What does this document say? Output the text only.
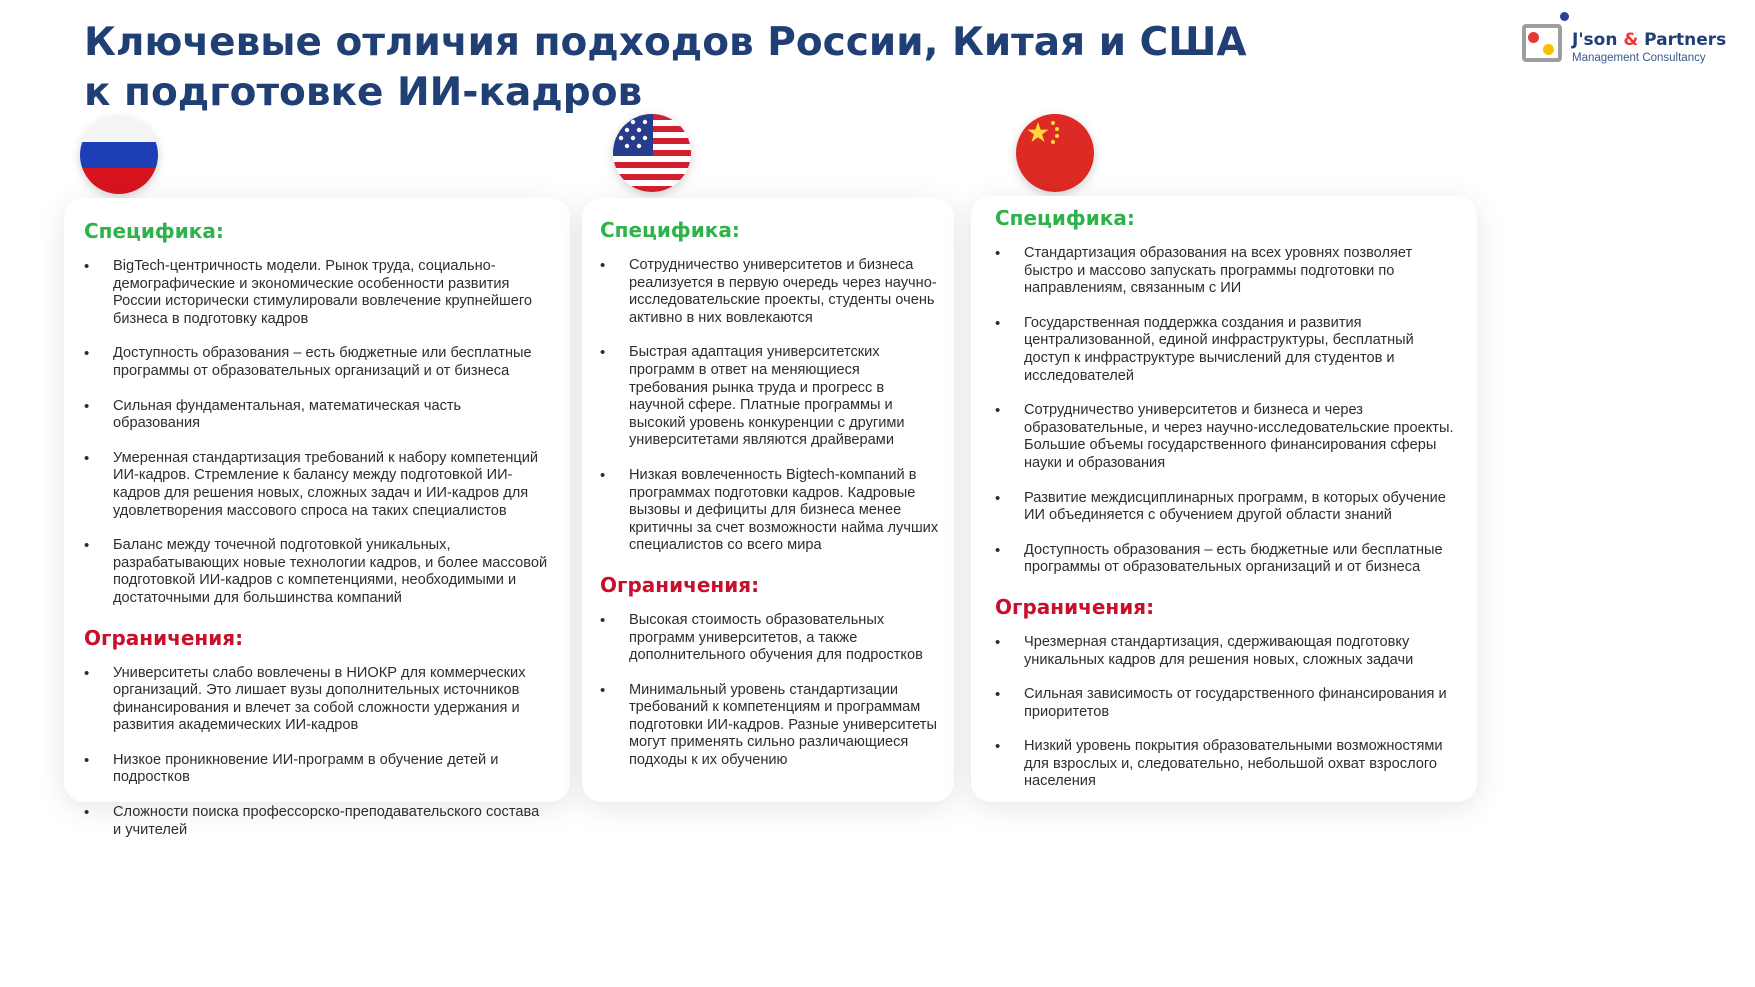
Ключевые отличия подходов России, Китая и США
к подготовке ИИ-кадров
J'son & Partners
Management Consultancy
Специфика:
• BigTech-центричность модели. Рынок труда, социально-демографические и экономические особенности развития России исторически стимулировали вовлечение крупнейшего бизнеса в подготовку кадров
• Доступность образования – есть бюджетные или бесплатные программы от образовательных организаций и от бизнеса
• Сильная фундаментальная, математическая часть образования
• Умеренная стандартизация требований к набору компетенций ИИ-кадров. Стремление к балансу между подготовкой ИИ-кадров для решения новых, сложных задач и ИИ-кадров для удовлетворения массового спроса на таких специалистов
• Баланс между точечной подготовкой уникальных, разрабатывающих новые технологии кадров, и более массовой подготовкой ИИ-кадров с компетенциями, необходимыми и достаточными для большинства компаний
Ограничения:
• Университеты слабо вовлечены в НИОКР для коммерческих организаций. Это лишает вузы дополнительных источников финансирования и влечет за собой сложности удержания и развития академических ИИ-кадров
• Низкое проникновение ИИ-программ в обучение детей и подростков
• Сложности поиска профессорско-преподавательского состава и учителей
Специфика:
• Сотрудничество университетов и бизнеса реализуется в первую очередь через научно-исследовательские проекты, студенты очень активно в них вовлекаются
• Быстрая адаптация университетских программ в ответ на меняющиеся требования рынка труда и прогресс в научной сфере. Платные программы и высокий уровень конкуренции с другими университетами являются драйверами
• Низкая вовлеченность Bigtech-компаний в программах подготовки кадров. Кадровые вызовы и дефициты для бизнеса менее критичны за счет возможности найма лучших специалистов со всего мира
Ограничения:
• Высокая стоимость образовательных программ университетов, а также дополнительного обучения для подростков
• Минимальный уровень стандартизации требований к компетенциям и программам подготовки ИИ-кадров. Разные университеты могут применять сильно различающиеся подходы к их обучению
Специфика:
• Стандартизация образования на всех уровнях позволяет быстро и массово запускать программы подготовки по направлениям, связанным с ИИ
• Государственная поддержка создания и развития централизованной, единой инфраструктуры, бесплатный доступ к инфраструктуре вычислений для студентов и исследователей
• Сотрудничество университетов и бизнеса и через образовательные, и через научно-исследовательские проекты. Большие объемы государственного финансирования сферы науки и образования
• Развитие междисциплинарных программ, в которых обучение ИИ объединяется с обучением другой области знаний
• Доступность образования – есть бюджетные или бесплатные программы от образовательных организаций и от бизнеса
Ограничения:
• Чрезмерная стандартизация, сдерживающая подготовку уникальных кадров для решения новых, сложных задачи
• Сильная зависимость от государственного финансирования и приоритетов
• Низкий уровень покрытия образовательными возможностями для взрослых и, следовательно, небольшой охват взрослого населения
